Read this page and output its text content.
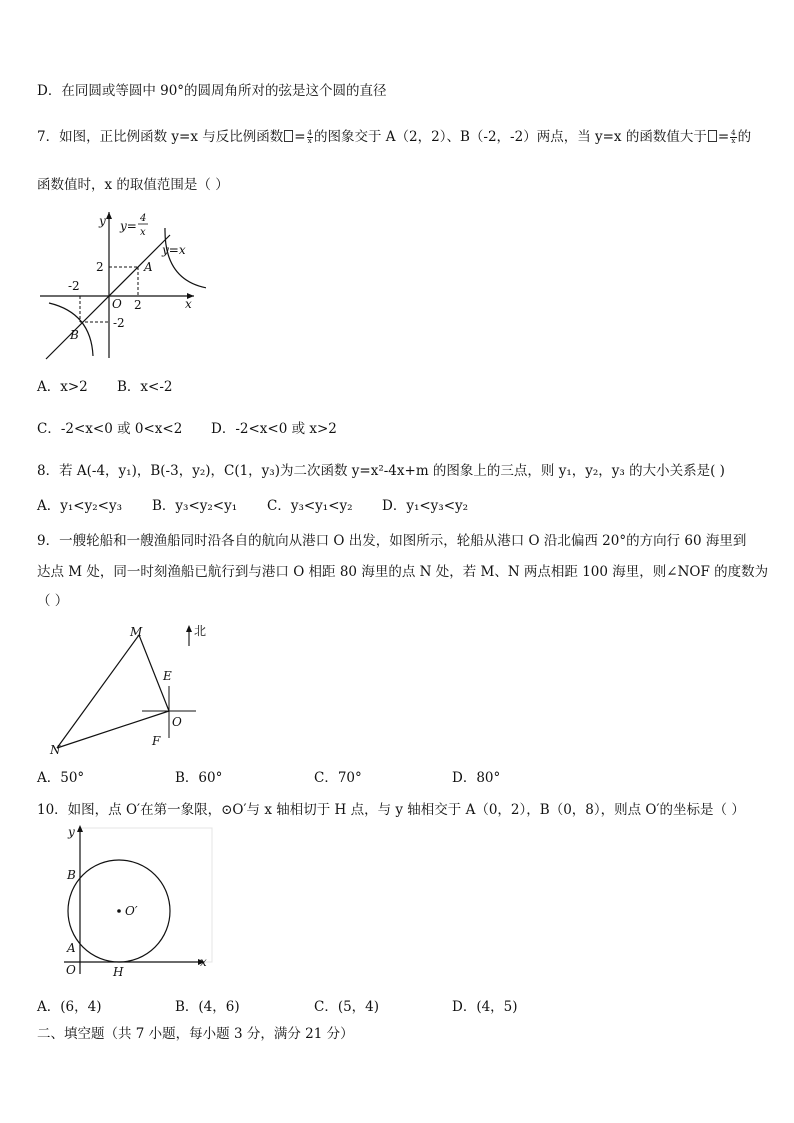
D．在同圆或等圆中 90°的圆周角所对的弦是这个圆的直径
7．如图，正比例函数 y=x 与反比例函数 = $\frac{4}{x}$ 的图象交于 A（2，2）、B（-2，-2）两点，当 y=x 的函数值大于 = $\frac{4}{x}$ 的
函数值时，x 的取值范围是（ ）
y
x
y=
4
x
y=x
A
B
O
2
2
-2
-2
A．x>2 B．x<-2
C．-2<x<0 或 0<x<2 D．-2<x<0 或 x>2
8．若 A(-4，y₁)，B(-3，y₂)，C(1，y₃)为二次函数 y=x²-4x+m 的图象上的三点，则 y₁，y₂，y₃ 的大小关系是( )
A．y₁<y₂<y₃ B．y₃<y₂<y₁ C．y₃<y₁<y₂ D．y₁<y₃<y₂
9．一艘轮船和一艘渔船同时沿各自的航向从港口 O 出发，如图所示，轮船从港口 O 沿北偏西 20°的方向行 60 海里到
达点 M 处，同一时刻渔船已航行到与港口 O 相距 80 海里的点 N 处，若 M、N 两点相距 100 海里，则∠NOF 的度数为
（ ）
北
M
N
O
E
F
A．50°	B．60°	C．70°	D．80°
10．如图，点 O′在第一象限，⊙O′与 x 轴相切于 H 点，与 y 轴相交于 A（0，2），B（0，8），则点 O′的坐标是（ ）
y
x
B
A
O	H
O′
A．(6，4)	B．(4，6)	C．(5，4)	D．(4，5)
二、填空题（共 7 小题，每小题 3 分，满分 21 分）
